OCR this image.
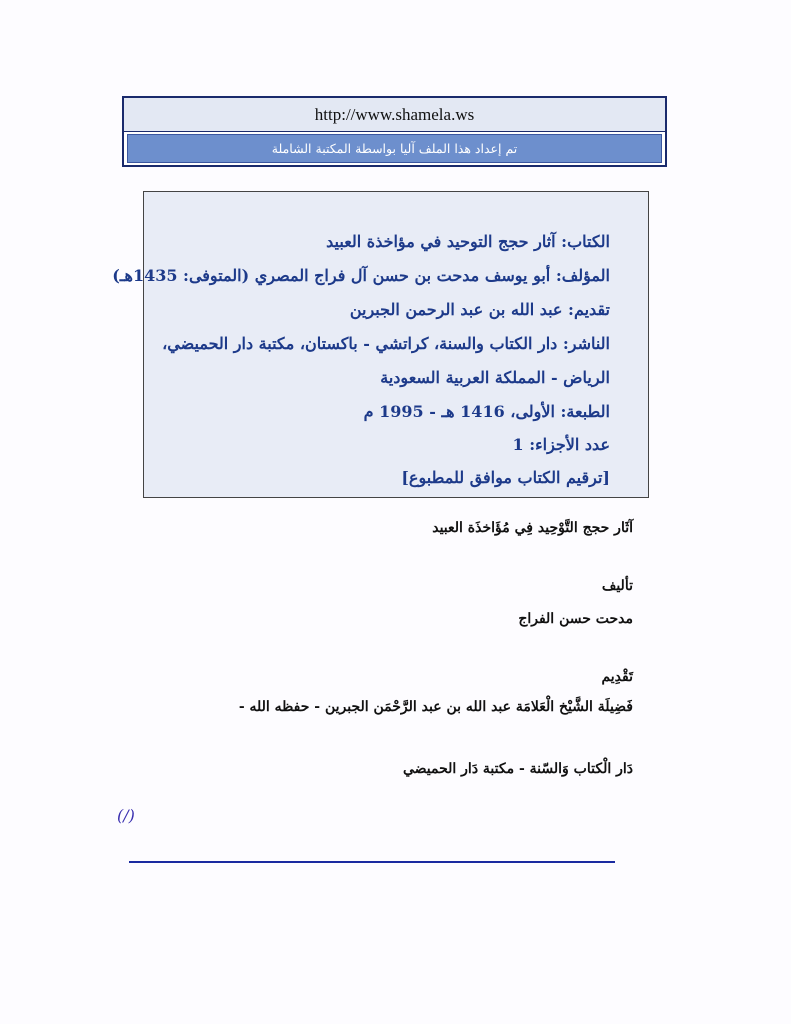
http://www.shamela.ws
تم إعداد هذا الملف آليا بواسطة المكتبة الشاملة
الكتاب: آثار حجج التوحيد في مؤاخذة العبيد
المؤلف: أبو يوسف مدحت بن حسن آل فراج المصري (المتوفى: 1435هـ)
تقديم: عبد الله بن عبد الرحمن الجبرين
الناشر: دار الكتاب والسنة، كراتشي - باكستان، مكتبة دار الحميضي،
الرياض - المملكة العربية السعودية
الطبعة: الأولى، 1416 هـ - 1995 م
عدد الأجزاء: 1
[ترقيم الكتاب موافق للمطبوع]
آثَار حجج التَّوْحِيد فِي مُؤَاخذَة العبيد
تأليف
مدحت حسن الفراج
تَقْدِيم
فَضِيلَة الشَّيْخ الْعَلامَة عبد الله بن عبد الرَّحْمَن الجبرين - حفظه الله -
دَار الْكتاب وَالسّنة - مكتبة دَار الحميضي
(/)
